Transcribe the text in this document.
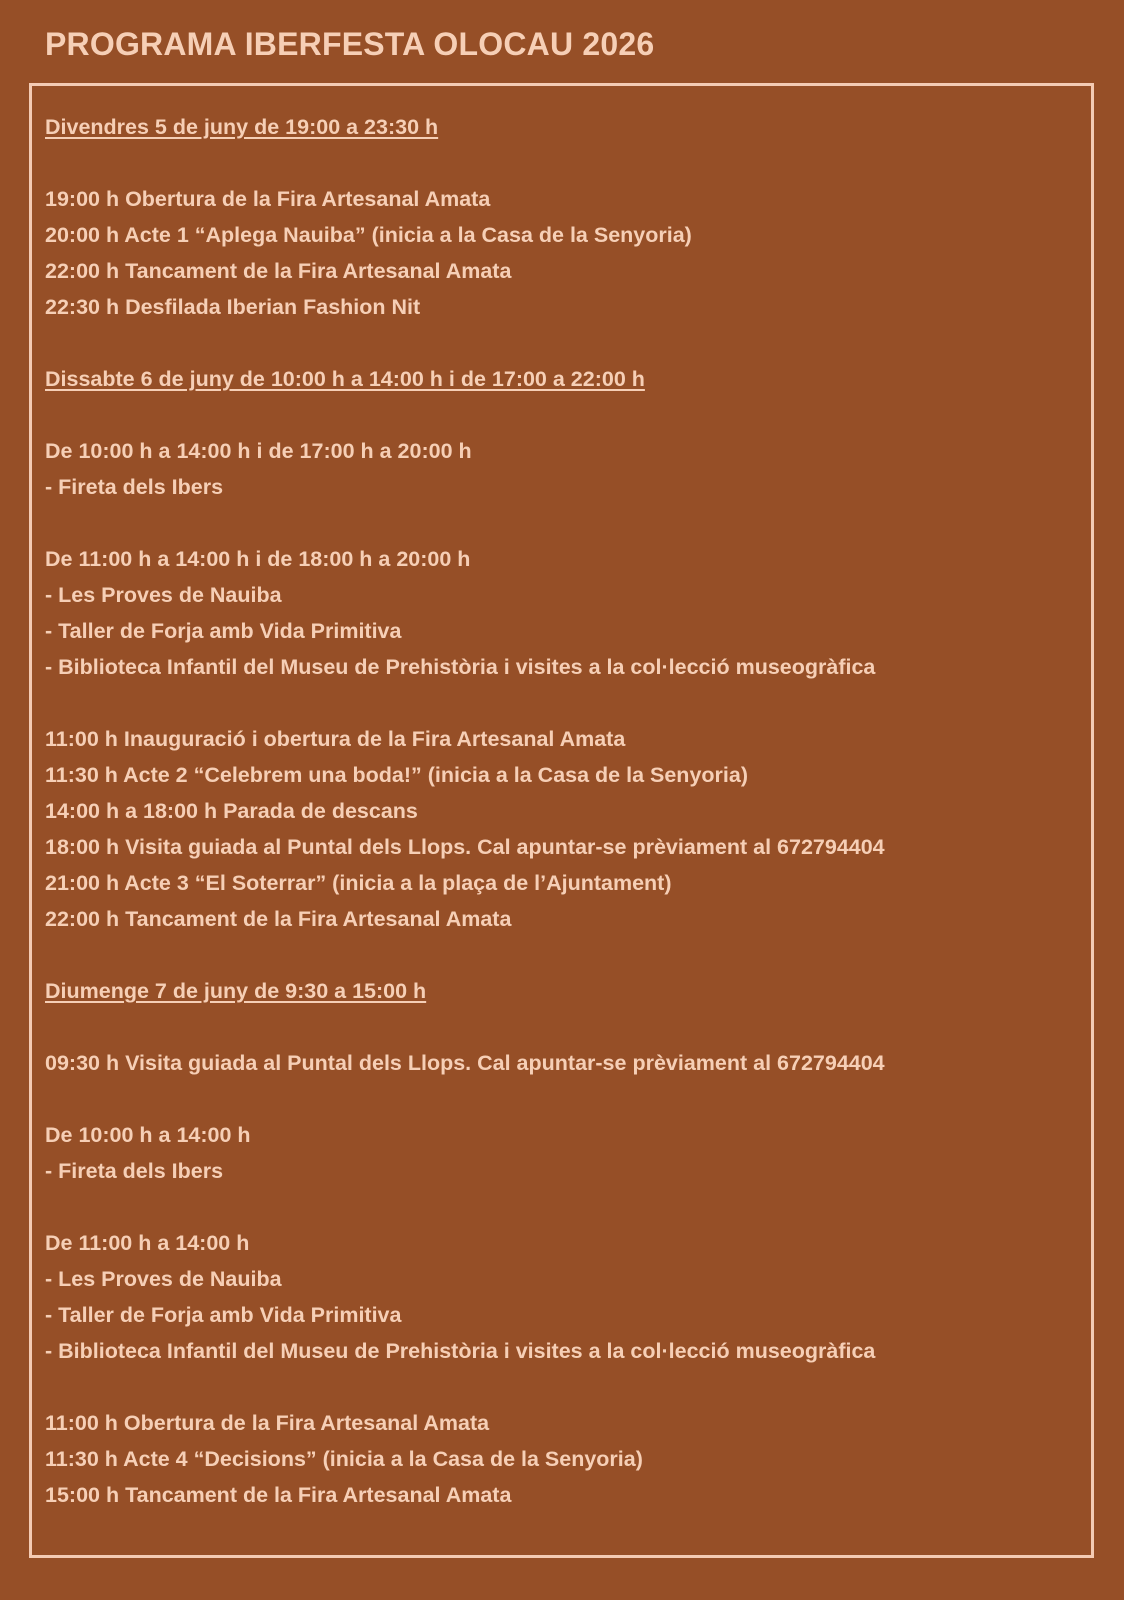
PROGRAMA IBERFESTA OLOCAU 2026
Divendres 5 de juny de 19:00 a 23:30 h
19:00 h Obertura de la Fira Artesanal Amata
20:00 h Acte 1 “Aplega Nauiba” (inicia a la Casa de la Senyoria)
22:00 h Tancament de la Fira Artesanal Amata
22:30 h Desfilada Iberian Fashion Nit
Dissabte 6 de juny de 10:00 h a 14:00 h i de 17:00 a 22:00 h
De 10:00 h a 14:00 h i de 17:00 h a 20:00 h
- Fireta dels Ibers
De 11:00 h a 14:00 h i de 18:00 h a 20:00 h
- Les Proves de Nauiba
- Taller de Forja amb Vida Primitiva
- Biblioteca Infantil del Museu de Prehistòria i visites a la col·lecció museogràfica
11:00 h Inauguració i obertura de la Fira Artesanal Amata
11:30 h Acte 2 “Celebrem una boda!” (inicia a la Casa de la Senyoria)
14:00 h a 18:00 h Parada de descans
18:00 h Visita guiada al Puntal dels Llops. Cal apuntar-se prèviament al 672794404
21:00 h Acte 3 “El Soterrar” (inicia a la plaça de l’Ajuntament)
22:00 h Tancament de la Fira Artesanal Amata
Diumenge 7 de juny de 9:30 a 15:00 h
09:30 h Visita guiada al Puntal dels Llops. Cal apuntar-se prèviament al 672794404
De 10:00 h a 14:00 h
- Fireta dels Ibers
De 11:00 h a 14:00 h
- Les Proves de Nauiba
- Taller de Forja amb Vida Primitiva
- Biblioteca Infantil del Museu de Prehistòria i visites a la col·lecció museogràfica
11:00 h Obertura de la Fira Artesanal Amata
11:30 h Acte 4 “Decisions” (inicia a la Casa de la Senyoria)
15:00 h Tancament de la Fira Artesanal Amata
